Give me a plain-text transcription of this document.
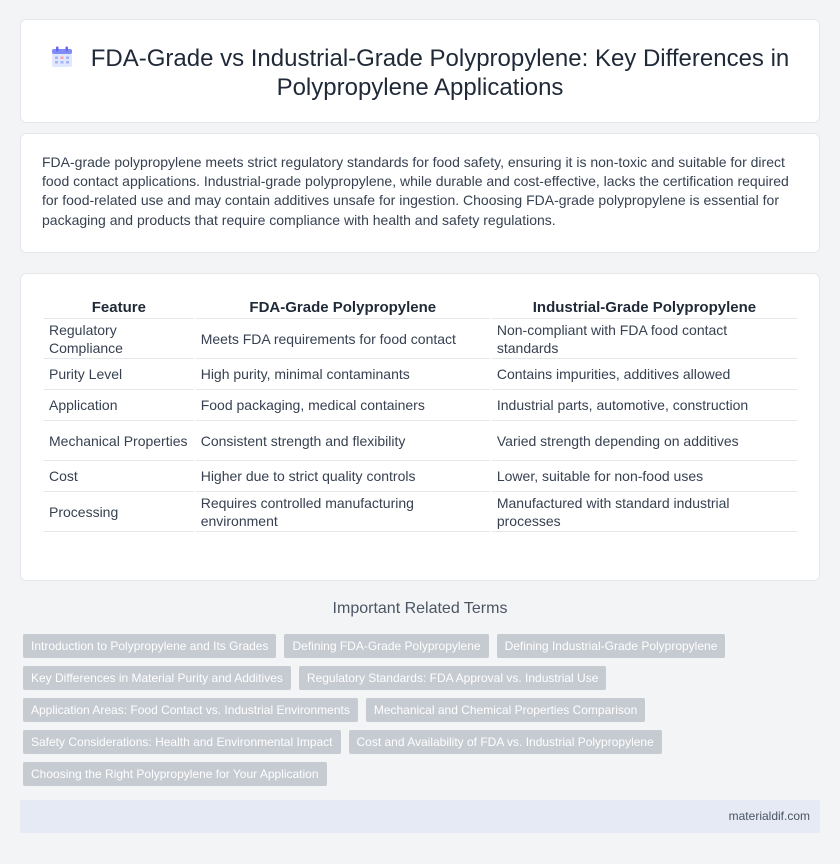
FDA-Grade vs Industrial-Grade Polypropylene: Key Differences in
Polypropylene Applications

FDA-grade polypropylene meets strict regulatory standards for food safety, ensuring it is non-toxic and suitable for direct food contact applications. Industrial-grade polypropylene, while durable and cost-effective, lacks the certification required for food-related use and may contain additives unsafe for ingestion. Choosing FDA-grade polypropylene is essential for packaging and products that require compliance with health and safety regulations.

Feature	FDA-Grade Polypropylene	Industrial-Grade Polypropylene
Regulatory Compliance	Meets FDA requirements for food contact	Non-compliant with FDA food contact standards
Purity Level	High purity, minimal contaminants	Contains impurities, additives allowed
Application	Food packaging, medical containers	Industrial parts, automotive, construction
Mechanical Properties	Consistent strength and flexibility	Varied strength depending on additives
Cost	Higher due to strict quality controls	Lower, suitable for non-food uses
Processing	Requires controlled manufacturing environment	Manufactured with standard industrial processes
Important Related Terms
Introduction to Polypropylene and Its Grades	Defining FDA-Grade Polypropylene	Defining Industrial-Grade Polypropylene
Key Differences in Material Purity and Additives	Regulatory Standards: FDA Approval vs. Industrial Use
Application Areas: Food Contact vs. Industrial Environments	Mechanical and Chemical Properties Comparison
Safety Considerations: Health and Environmental Impact	Cost and Availability of FDA vs. Industrial Polypropylene
Choosing the Right Polypropylene for Your Application
materialdif.com
